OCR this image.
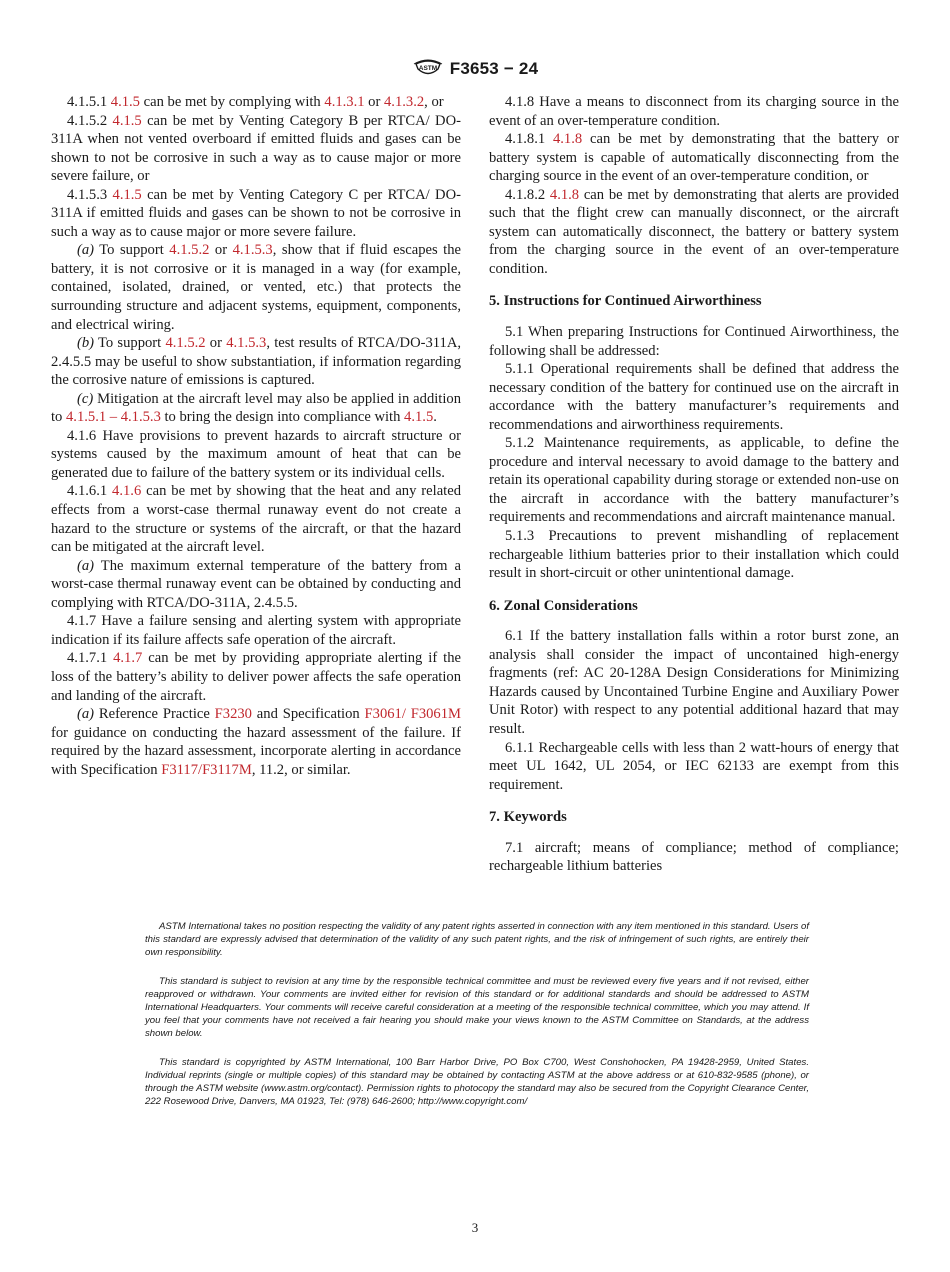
ASTM F3653 − 24

4.1.5.1 4.1.5 can be met by complying with 4.1.3.1 or 4.1.3.2, or

4.1.5.2 4.1.5 can be met by Venting Category B per RTCA/ DO-311A when not vented overboard if emitted fluids and gases can be shown to not be corrosive in such a way as to cause major or more severe failure, or

4.1.5.3 4.1.5 can be met by Venting Category C per RTCA/ DO-311A if emitted fluids and gases can be shown to not be corrosive in such a way as to cause major or more severe failure.

(a) To support 4.1.5.2 or 4.1.5.3, show that if fluid escapes the battery, it is not corrosive or it is managed in a way (for example, contained, isolated, drained, or vented, etc.) that protects the surrounding structure and adjacent systems, equipment, components, and electrical wiring.

(b) To support 4.1.5.2 or 4.1.5.3, test results of RTCA/DO-311A, 2.4.5.5 may be useful to show substantiation, if information regarding the corrosive nature of emissions is captured.

(c) Mitigation at the aircraft level may also be applied in addition to 4.1.5.1 – 4.1.5.3 to bring the design into compliance with 4.1.5.

4.1.6 Have provisions to prevent hazards to aircraft structure or systems caused by the maximum amount of heat that can be generated due to failure of the battery system or its individual cells.

4.1.6.1 4.1.6 can be met by showing that the heat and any related effects from a worst-case thermal runaway event do not create a hazard to the structure or systems of the aircraft, or that the hazard can be mitigated at the aircraft level.

(a) The maximum external temperature of the battery from a worst-case thermal runaway event can be obtained by conducting and complying with RTCA/DO-311A, 2.4.5.5.

4.1.7 Have a failure sensing and alerting system with appropriate indication if its failure affects safe operation of the aircraft.

4.1.7.1 4.1.7 can be met by providing appropriate alerting if the loss of the battery’s ability to deliver power affects the safe operation and landing of the aircraft.

(a) Reference Practice F3230 and Specification F3061/ F3061M for guidance on conducting the hazard assessment of the failure. If required by the hazard assessment, incorporate alerting in accordance with Specification F3117/F3117M, 11.2, or similar.

4.1.8 Have a means to disconnect from its charging source in the event of an over-temperature condition.

4.1.8.1 4.1.8 can be met by demonstrating that the battery or battery system is capable of automatically disconnecting from the charging source in the event of an over-temperature condition, or

4.1.8.2 4.1.8 can be met by demonstrating that alerts are provided such that the flight crew can manually disconnect, or the aircraft system can automatically disconnect, the battery or battery system from the charging source in the event of an over-temperature condition.

5. Instructions for Continued Airworthiness

5.1 When preparing Instructions for Continued Airworthiness, the following shall be addressed:

5.1.1 Operational requirements shall be defined that address the necessary condition of the battery for continued use on the aircraft in accordance with the battery manufacturer’s requirements and recommendations and airworthiness requirements.

5.1.2 Maintenance requirements, as applicable, to define the procedure and interval necessary to avoid damage to the battery and retain its operational capability during storage or extended non-use on the aircraft in accordance with the battery manufacturer’s requirements and recommendations and aircraft maintenance manual.

5.1.3 Precautions to prevent mishandling of replacement rechargeable lithium batteries prior to their installation which could result in short-circuit or other unintentional damage.

6. Zonal Considerations

6.1 If the battery installation falls within a rotor burst zone, an analysis shall consider the impact of uncontained high-energy fragments (ref: AC 20-128A Design Considerations for Minimizing Hazards caused by Uncontained Turbine Engine and Auxiliary Power Unit Rotor) with respect to any potential additional hazard that may result.

6.1.1 Rechargeable cells with less than 2 watt-hours of energy that meet UL 1642, UL 2054, or IEC 62133 are exempt from this requirement.

7. Keywords

7.1 aircraft; means of compliance; method of compliance; rechargeable lithium batteries

ASTM International takes no position respecting the validity of any patent rights asserted in connection with any item mentioned in this standard. Users of this standard are expressly advised that determination of the validity of any such patent rights, and the risk of infringement of such rights, are entirely their own responsibility.

This standard is subject to revision at any time by the responsible technical committee and must be reviewed every five years and if not revised, either reapproved or withdrawn. Your comments are invited either for revision of this standard or for additional standards and should be addressed to ASTM International Headquarters. Your comments will receive careful consideration at a meeting of the responsible technical committee, which you may attend. If you feel that your comments have not received a fair hearing you should make your views known to the ASTM Committee on Standards, at the address shown below.

This standard is copyrighted by ASTM International, 100 Barr Harbor Drive, PO Box C700, West Conshohocken, PA 19428-2959, United States. Individual reprints (single or multiple copies) of this standard may be obtained by contacting ASTM at the above address or at 610-832-9585 (phone), or through the ASTM website (www.astm.org/contact). Permission rights to photocopy the standard may also be secured from the Copyright Clearance Center, 222 Rosewood Drive, Danvers, MA 01923, Tel: (978) 646-2600; http://www.copyright.com/

3
